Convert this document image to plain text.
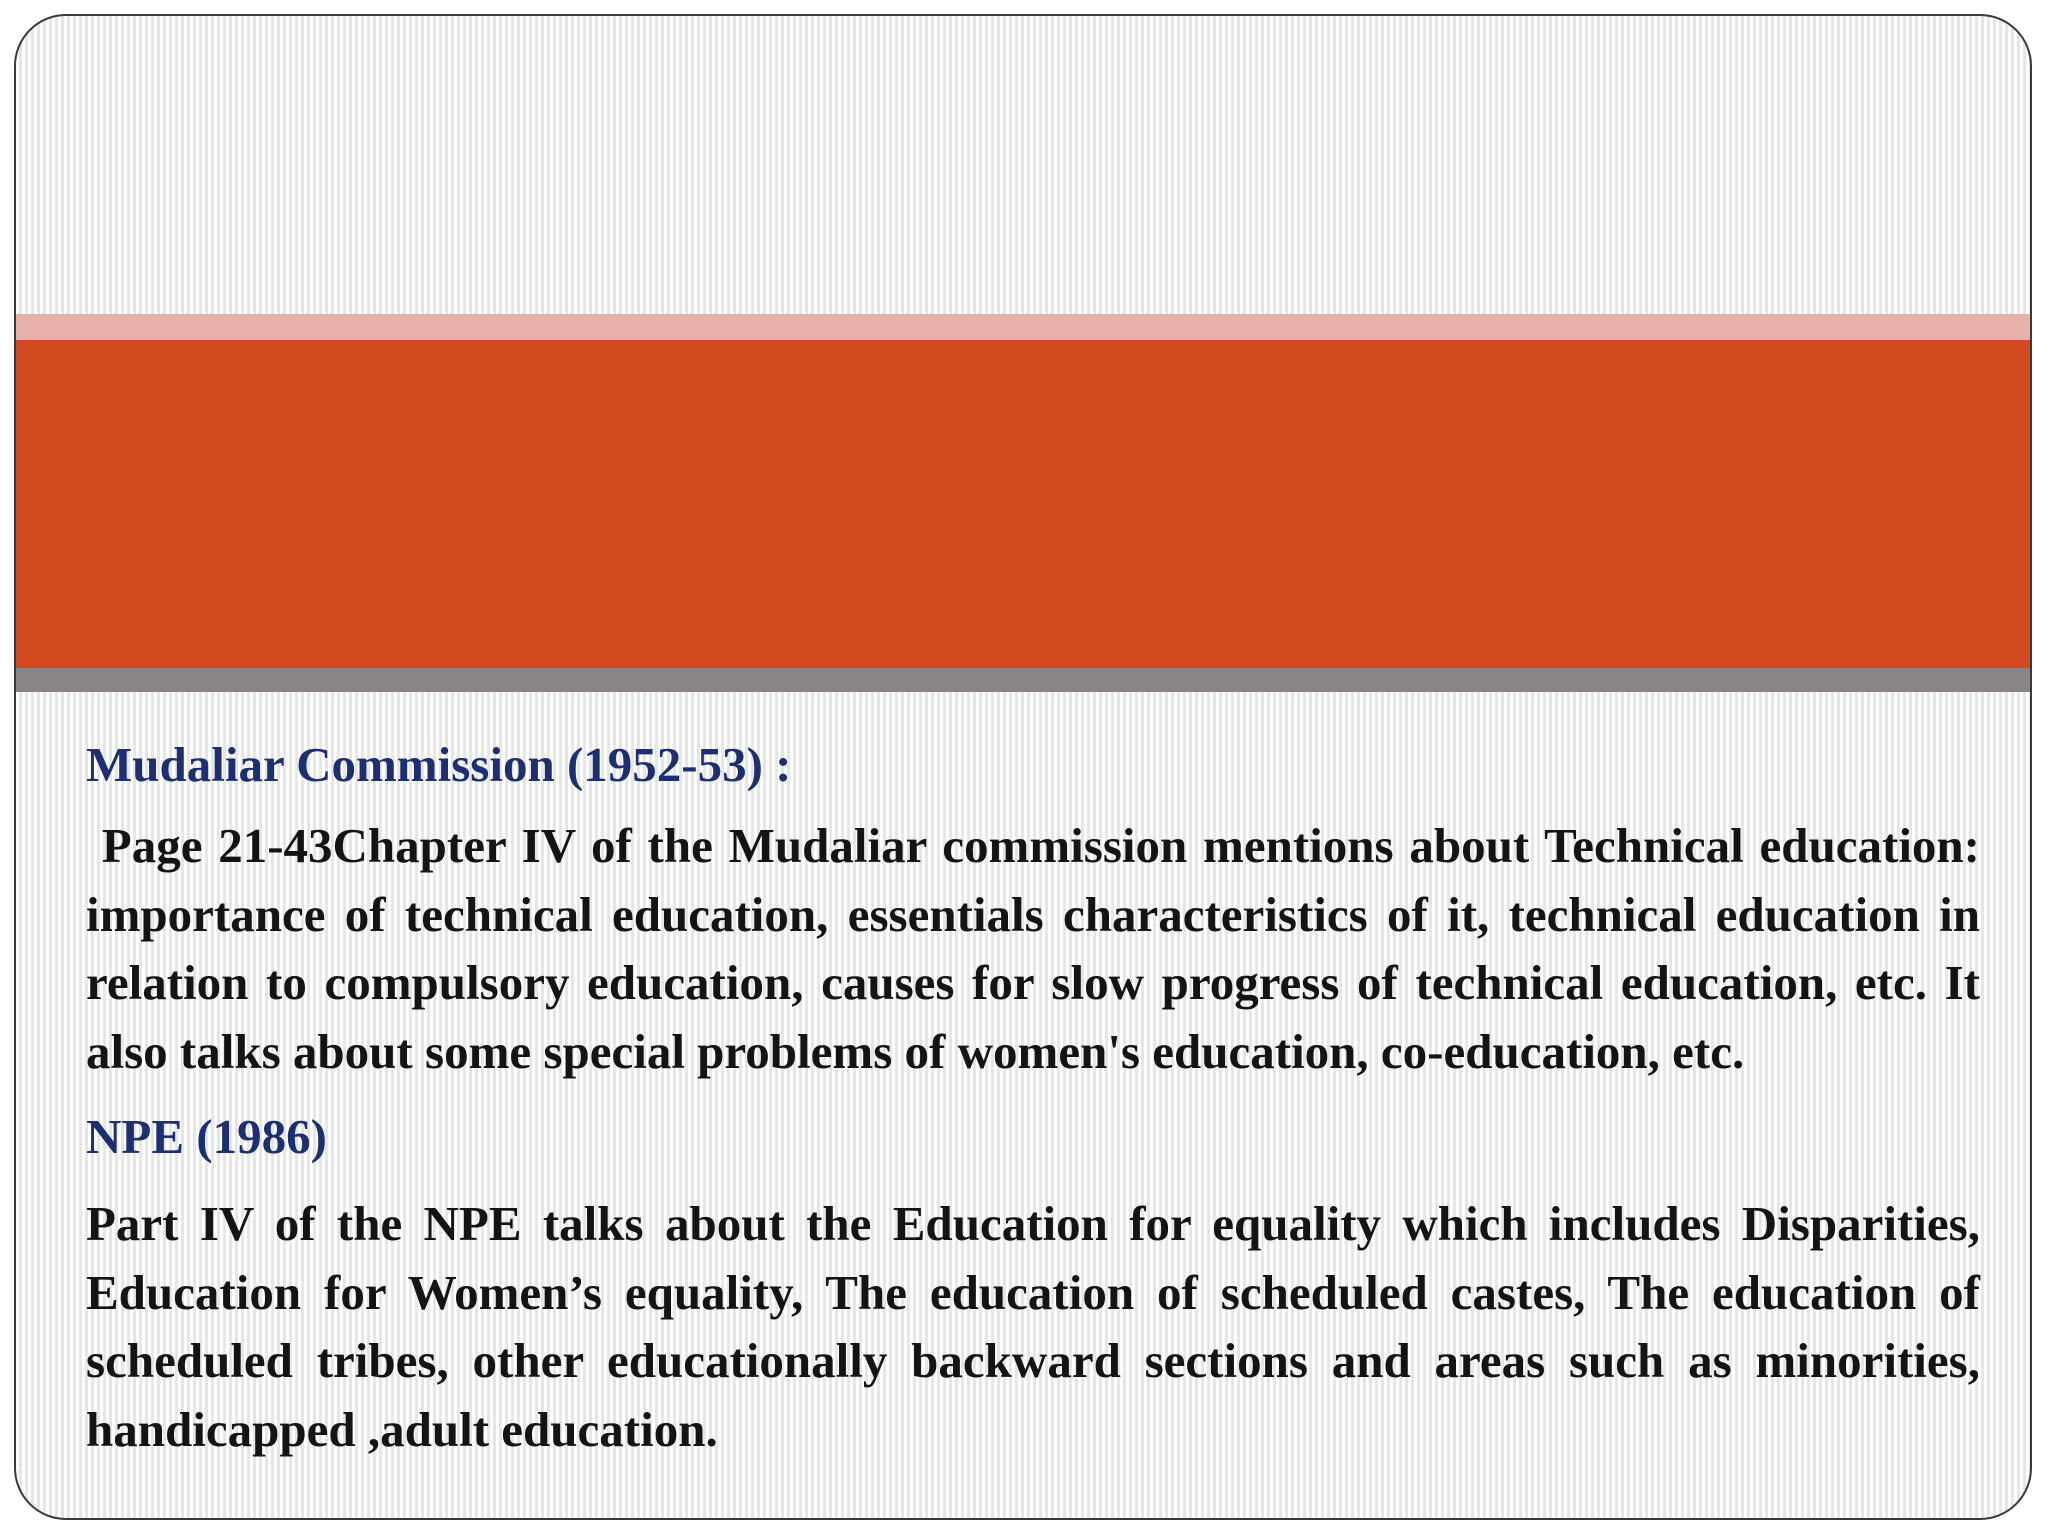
Mudaliar Commission (1952-53) :

Page 21-43Chapter IV of the Mudaliar commission mentions about Technical education: importance of technical education, essentials characteristics of it, technical education in relation to compulsory education, causes for slow progress of technical education, etc. It also talks about some special problems of women's education, co-education, etc.

NPE (1986)

Part IV of the NPE talks about the Education for equality which includes Disparities, Education for Women’s equality, The education of scheduled castes, The education of scheduled tribes, other educationally backward sections and areas such as minorities, handicapped ,adult education.
